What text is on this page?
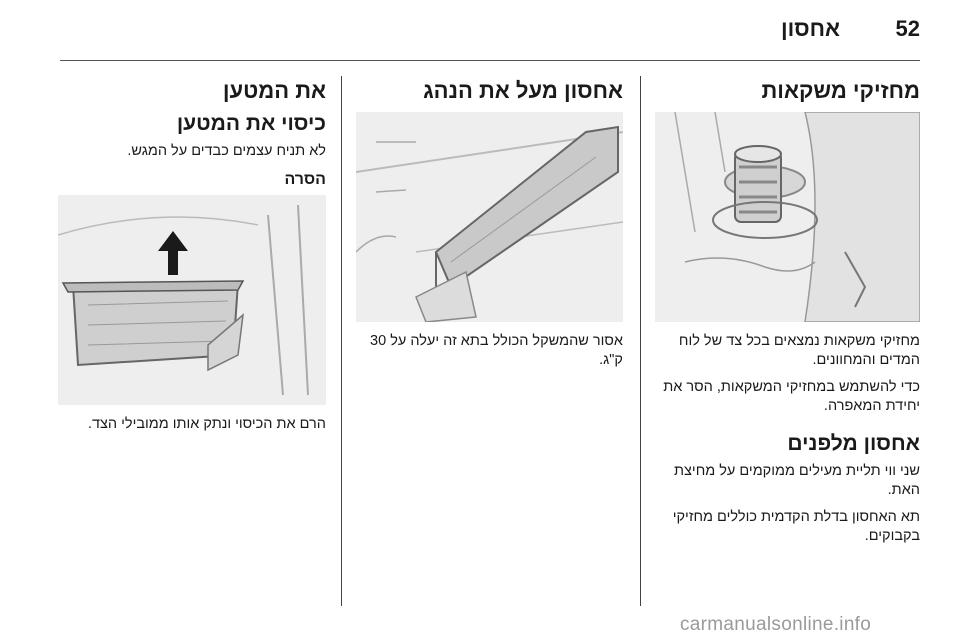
אחסון	52
מחזיקי משקאות

מחזיקי משקאות נמצאים בכל צד של לוח המדים והמחוונים.

כדי להשתמש במחזיקי המשקאות, הסר את יחידת המאפרה.

אחסון מלפנים

שני ווי תליית מעילים ממוקמים על מחיצת האת.

תא האחסון בדלת הקדמית כוללים מחזיקי בקבוקים.

אחסון מעל את הנהג

אסור שהמשקל הכולל בתא זה יעלה על 30 ק"ג.

את המטען
כיסוי את המטען

לא תניח עצמים כבדים על המגש.

הסרה

הרם את הכיסוי ונתק אותו ממובילי הצד.

carmanualsonline.info
